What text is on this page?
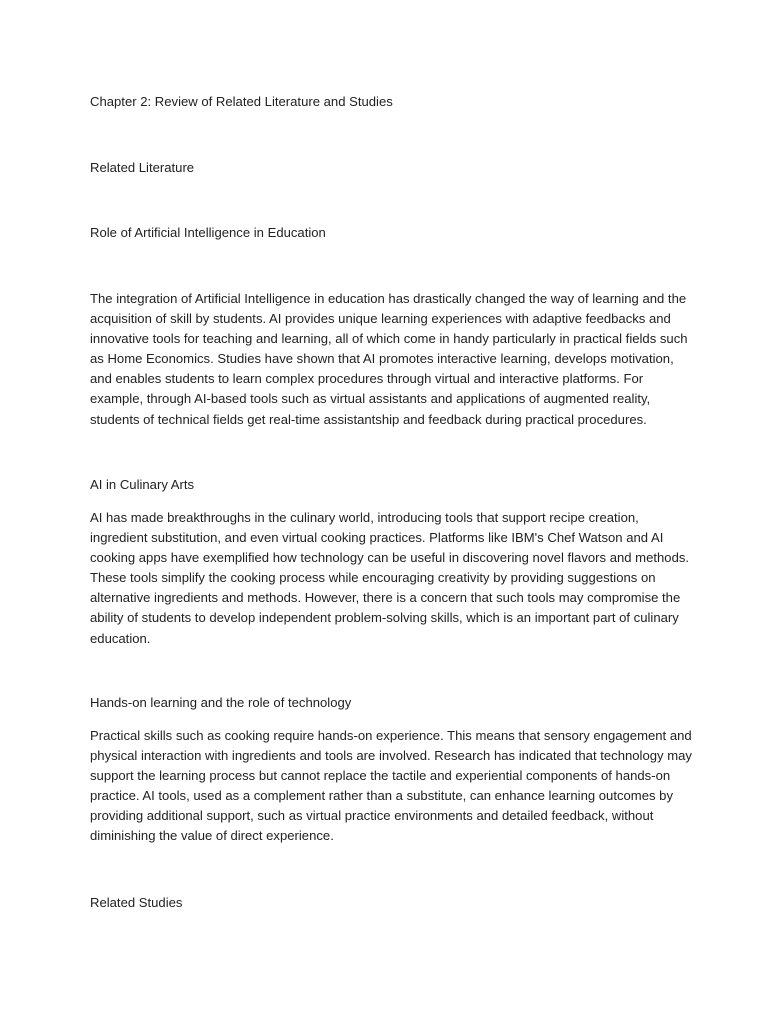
Chapter 2: Review of Related Literature and Studies

Related Literature

Role of Artificial Intelligence in Education

The integration of Artificial Intelligence in education has drastically changed the way of learning and the
acquisition of skill by students. AI provides unique learning experiences with adaptive feedbacks and
innovative tools for teaching and learning, all of which come in handy particularly in practical fields such
as Home Economics. Studies have shown that AI promotes interactive learning, develops motivation,
and enables students to learn complex procedures through virtual and interactive platforms. For
example, through AI-based tools such as virtual assistants and applications of augmented reality,
students of technical fields get real-time assistantship and feedback during practical procedures.

AI in Culinary Arts

AI has made breakthroughs in the culinary world, introducing tools that support recipe creation,
ingredient substitution, and even virtual cooking practices. Platforms like IBM's Chef Watson and AI
cooking apps have exemplified how technology can be useful in discovering novel flavors and methods.
These tools simplify the cooking process while encouraging creativity by providing suggestions on
alternative ingredients and methods. However, there is a concern that such tools may compromise the
ability of students to develop independent problem-solving skills, which is an important part of culinary
education.

Hands-on learning and the role of technology

Practical skills such as cooking require hands-on experience. This means that sensory engagement and
physical interaction with ingredients and tools are involved. Research has indicated that technology may
support the learning process but cannot replace the tactile and experiential components of hands-on
practice. AI tools, used as a complement rather than a substitute, can enhance learning outcomes by
providing additional support, such as virtual practice environments and detailed feedback, without
diminishing the value of direct experience.

Related Studies
